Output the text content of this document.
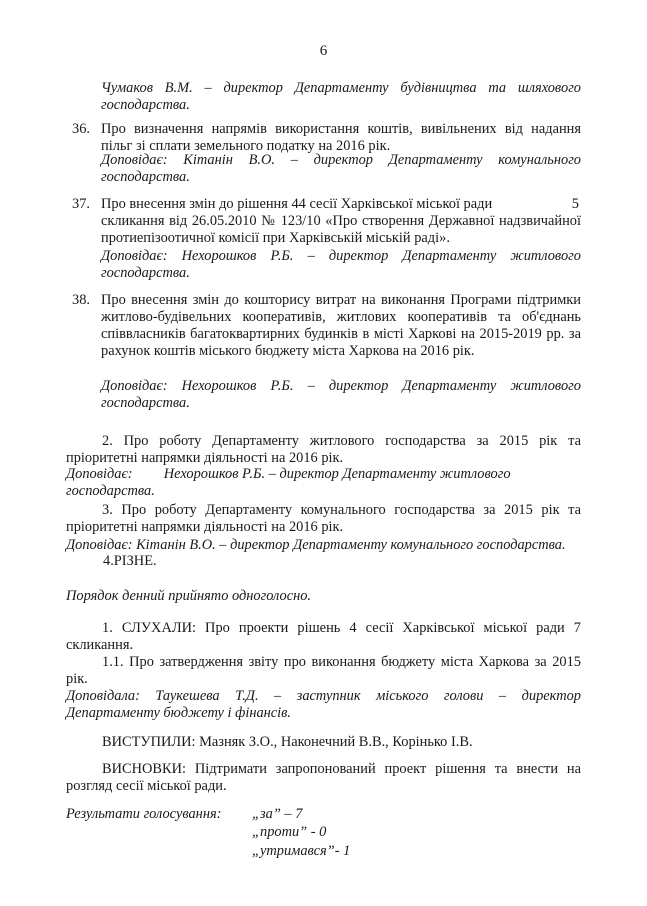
6
Чумаков В.М. – директор Департаменту будівництва та шляхового господарства.
36. Про визначення напрямів використання коштів, вивільнених від надання пільг зі сплати земельного податку на 2016 рік.
Доповідає: Кітанін В.О. – директор Департаменту комунального господарства.
37. Про внесення змін до рішення 44 сесії Харківської міської ради	5
скликання від 26.05.2010 № 123/10 «Про створення Державної надзвичайної протиепізоотичної комісії при Харківській міській раді».
Доповідає: Нехорошков Р.Б. – директор Департаменту житлового господарства.
38. Про внесення змін до кошторису витрат на виконання Програми підтримки житлово-будівельних кооперативів, житлових кооперативів та об'єднань співвласників багатоквартирних будинків в місті Харкові на 2015-2019 рр. за рахунок коштів міського бюджету міста Харкова на 2016 рік.
Доповідає: Нехорошков Р.Б. – директор Департаменту житлового господарства.
2. Про роботу Департаменту житлового господарства за 2015 рік та пріоритетні напрямки діяльності на 2016 рік.
Доповідає: Нехорошков Р.Б. – директор Департаменту житлового господарства.
3. Про роботу Департаменту комунального господарства за 2015 рік та пріоритетні напрямки діяльності на 2016 рік.
Доповідає: Кітанін В.О. – директор Департаменту комунального господарства.
4.РІЗНЕ.
Порядок денний прийнято одноголосно.
1. СЛУХАЛИ: Про проекти рішень 4 сесії Харківської міської ради 7 скликання.
1.1. Про затвердження звіту про виконання бюджету міста Харкова за 2015 рік.
Доповідала: Таукешева Т.Д. – заступник міського голови – директор Департаменту бюджету і фінансів.
ВИСТУПИЛИ: Мазняк З.О., Наконечний В.В., Корінько І.В.
ВИСНОВКИ: Підтримати запропонований проект рішення та внести на розгляд сесії міської ради.
Результати голосування: „за” – 7
„проти” - 0
„утримався”- 1
